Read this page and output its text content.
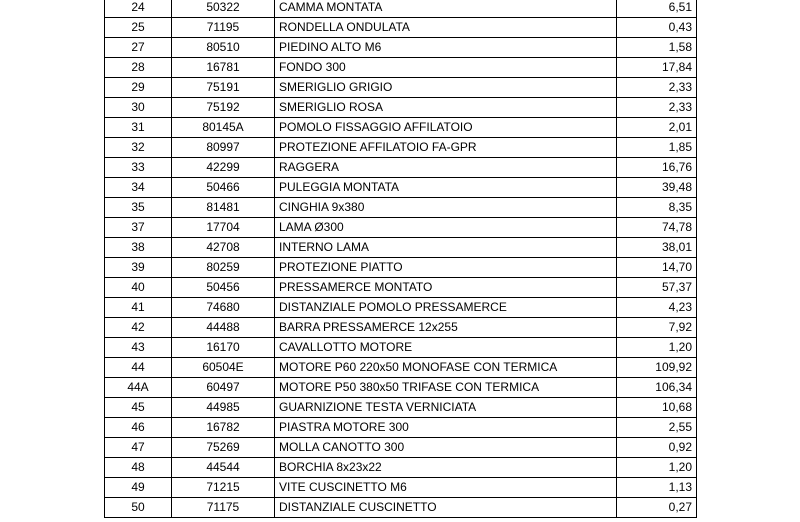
24	50322	CAMMA MONTATA	6,51
25	71195	RONDELLA ONDULATA	0,43
27	80510	PIEDINO ALTO M6	1,58
28	16781	FONDO 300	17,84
29	75191	SMERIGLIO GRIGIO	2,33
30	75192	SMERIGLIO ROSA	2,33
31	80145A	POMOLO FISSAGGIO AFFILATOIO	2,01
32	80997	PROTEZIONE AFFILATOIO FA-GPR	1,85
33	42299	RAGGERA	16,76
34	50466	PULEGGIA MONTATA	39,48
35	81481	CINGHIA 9x380	8,35
37	17704	LAMA Ø300	74,78
38	42708	INTERNO LAMA	38,01
39	80259	PROTEZIONE PIATTO	14,70
40	50456	PRESSAMERCE MONTATO	57,37
41	74680	DISTANZIALE POMOLO PRESSAMERCE	4,23
42	44488	BARRA PRESSAMERCE 12x255	7,92
43	16170	CAVALLOTTO MOTORE	1,20
44	60504E	MOTORE P60 220x50 MONOFASE CON TERMICA	109,92
44A	60497	MOTORE P50 380x50 TRIFASE CON TERMICA	106,34
45	44985	GUARNIZIONE TESTA VERNICIATA	10,68
46	16782	PIASTRA MOTORE 300	2,55
47	75269	MOLLA CANOTTO 300	0,92
48	44544	BORCHIA 8x23x22	1,20
49	71215	VITE CUSCINETTO M6	1,13
50	71175	DISTANZIALE CUSCINETTO	0,27
